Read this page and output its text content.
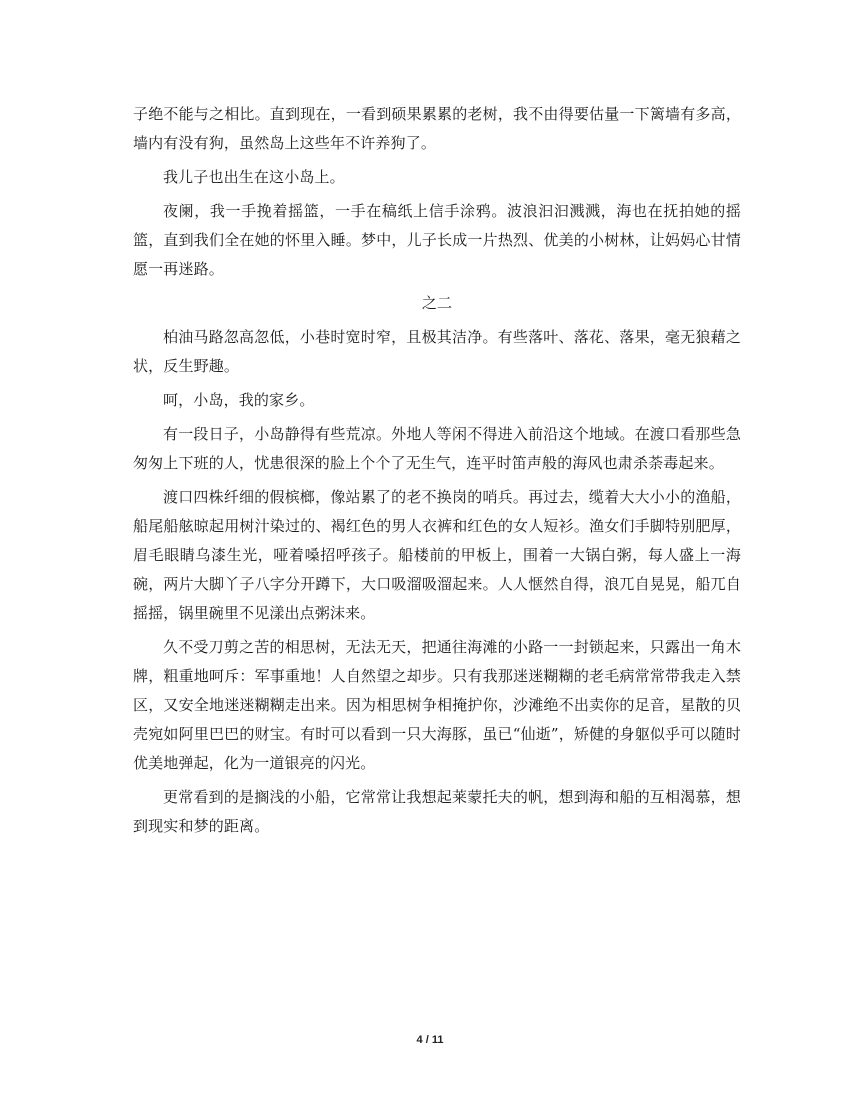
子绝不能与之相比。直到现在，一看到硕果累累的老树，我不由得要估量一下篱墙有多高，墙内有没有狗，虽然岛上这些年不许养狗了。

我儿子也出生在这小岛上。

夜阑，我一手挽着摇篮，一手在稿纸上信手涂鸦。波浪汩汩溅溅，海也在抚拍她的摇篮，直到我们全在她的怀里入睡。梦中，儿子长成一片热烈、优美的小树林，让妈妈心甘情愿一再迷路。

之二

柏油马路忽高忽低，小巷时宽时窄，且极其洁净。有些落叶、落花、落果，毫无狼藉之状，反生野趣。

呵，小岛，我的家乡。

有一段日子，小岛静得有些荒凉。外地人等闲不得进入前沿这个地域。在渡口看那些急匆匆上下班的人，忧患很深的脸上个个了无生气，连平时笛声般的海风也肃杀荼毒起来。

渡口四株纤细的假槟榔，像站累了的老不换岗的哨兵。再过去，缆着大大小小的渔船，船尾船舷晾起用树汁染过的、褐红色的男人衣裤和红色的女人短衫。渔女们手脚特别肥厚，眉毛眼睛乌漆生光，哑着嗓招呼孩子。船楼前的甲板上，围着一大锅白粥，每人盛上一海碗，两片大脚丫子八字分开蹲下，大口吸溜吸溜起来。人人惬然自得，浪兀自晃晃，船兀自摇摇，锅里碗里不见漾出点粥沫来。

久不受刀剪之苦的相思树，无法无天，把通往海滩的小路一一封锁起来，只露出一角木牌，粗重地呵斥：军事重地！人自然望之却步。只有我那迷迷糊糊的老毛病常常带我走入禁区，又安全地迷迷糊糊走出来。因为相思树争相掩护你，沙滩绝不出卖你的足音，星散的贝壳宛如阿里巴巴的财宝。有时可以看到一只大海豚，虽已“仙逝”，矫健的身躯似乎可以随时优美地弹起，化为一道银亮的闪光。

更常看到的是搁浅的小船，它常常让我想起莱蒙托夫的帆，想到海和船的互相渴慕，想到现实和梦的距离。

4 / 11
